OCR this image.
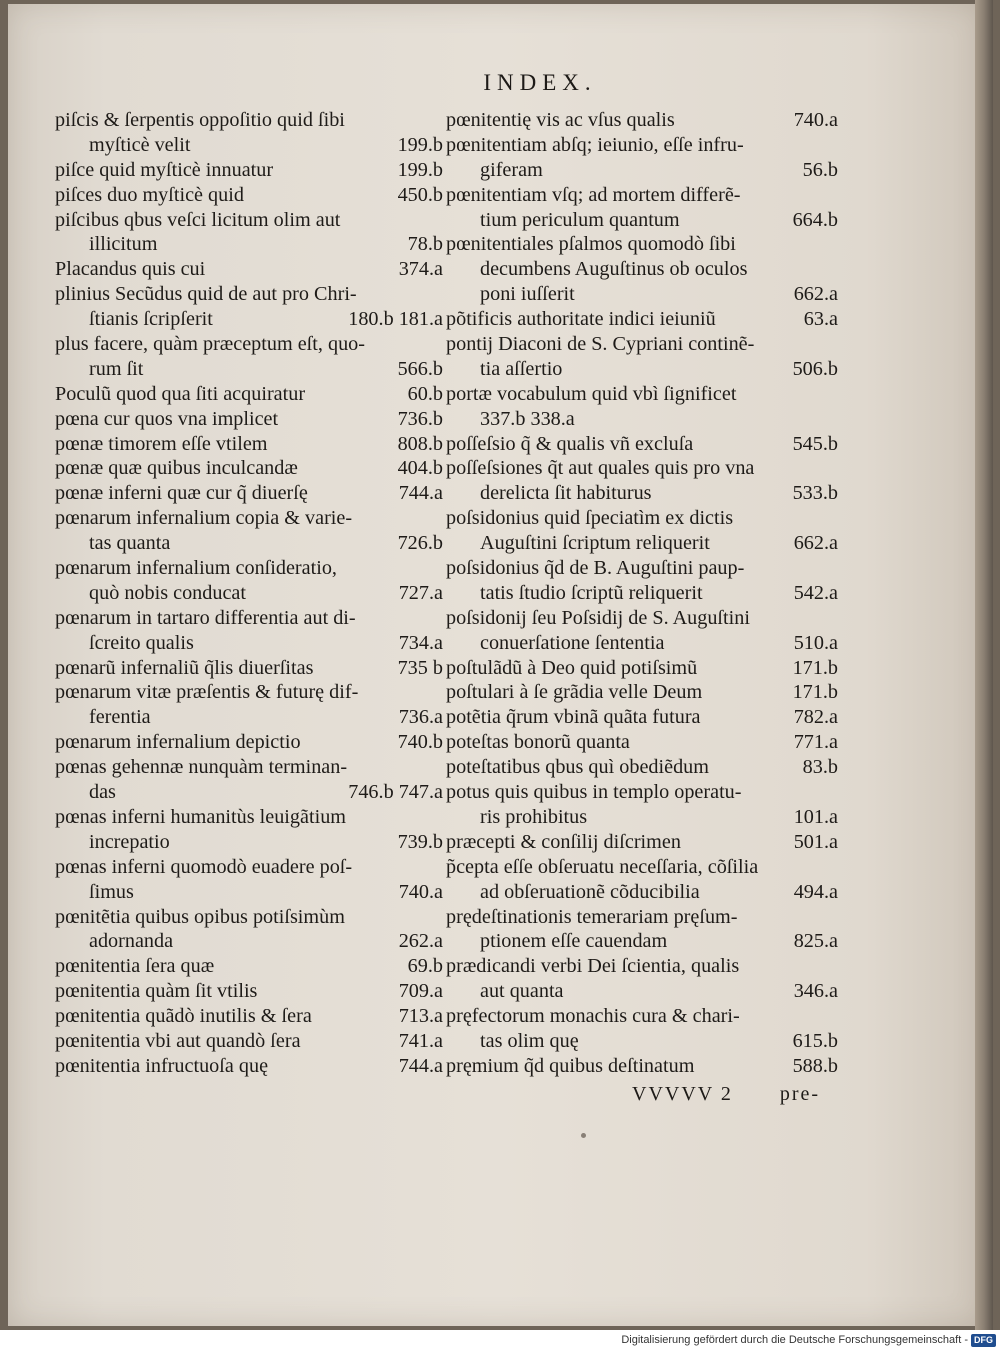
INDEX.
piſcis & ſerpentis oppoſitio quid ſibi
myſticè velit	199.b
piſce quid myſticè innuatur	199.b
piſces duo myſticè quid	450.b
piſcibus qbus veſci licitum olim aut
illicitum	78.b
Placandus quis cui	374.a
plinius Secũdus quid de aut pro Chri-
ſtianis ſcripſerit	180.b 181.a
plus facere, quàm præceptum eſt, quo-
rum ſit	566.b
Poculũ quod qua ſiti acquiratur	60.b
pœna cur quos vna implicet	736.b
pœnæ timorem eſſe vtilem	808.b
pœnæ quæ quibus inculcandæ	404.b
pœnæ inferni quæ cur q̃ diuerſę	744.a
pœnarum infernalium copia & varie-
tas quanta	726.b
pœnarum infernalium conſideratio,
quò nobis conducat	727.a
pœnarum in tartaro differentia aut di-
ſcreito qualis	734.a
pœnarũ infernaliũ q̃lis diuerſitas	735 b
pœnarum vitæ præſentis & futurę dif-
ferentia	736.a
pœnarum infernalium depictio	740.b
pœnas gehennæ nunquàm terminan-
das	746.b 747.a
pœnas inferni humanitùs leuigãtium
increpatio	739.b
pœnas inferni quomodò euadere poſ-
ſimus	740.a
pœnitẽtia quibus opibus potiſsimùm
adornanda	262.a
pœnitentia ſera quæ	69.b
pœnitentia quàm ſit vtilis	709.a
pœnitentia quãdò inutilis & ſera	713.a
pœnitentia vbi aut quandò ſera	741.a
pœnitentia infructuoſa quę	744.a
pœnitentię vis ac vſus qualis	740.a
pœnitentiam abſq; ieiunio, eſſe infru-
giferam	56.b
pœnitentiam vſq; ad mortem differẽ-
tium periculum quantum	664.b
pœnitentiales pſalmos quomodò ſibi
decumbens Auguſtinus ob oculos
poni iuſſerit	662.a
põtificis authoritate indici ieiuniũ	63.a
pontij Diaconi de S. Cypriani continẽ-
tia aſſertio	506.b
portæ vocabulum quid vbì ſignificet
337.b 338.a
poſſeſsio q̃ & qualis vñ excluſa	545.b
poſſeſsiones q̃t aut quales quis pro vna
derelicta ſit habiturus	533.b
poſsidonius quid ſpeciatìm ex dictis
Auguſtini ſcriptum reliquerit	662.a
poſsidonius q̃d de B. Auguſtini paup-
tatis ſtudio ſcriptũ reliquerit	542.a
poſsidonij ſeu Poſsidij de S. Auguſtini
conuerſatione ſententia	510.a
poſtulãdũ à Deo quid potiſsimũ	171.b
poſtulari à ſe grãdia velle Deum	171.b
potẽtia q̃rum vbinã quãta futura	782.a
poteſtas bonorũ quanta	771.a
poteſtatibus qbus quì obediẽdum	83.b
potus quis quibus in templo operatu-
ris prohibitus	101.a
præcepti & conſilij diſcrimen	501.a
p̃cepta eſſe obſeruatu neceſſaria, cõſilia
ad obſeruationẽ cõducibilia	494.a
prędeſtinationis temerariam pręſum-
ptionem eſſe cauendam	825.a
prædicandi verbi Dei ſcientia, qualis
aut quanta	346.a
pręfectorum monachis cura & chari-
tas olim quę	615.b
pręmium q̃d quibus deſtinatum	588.b
VVVVV 2 pre-
Digitalisierung gefördert durch die Deutsche Forschungsgemeinschaft - DFG
